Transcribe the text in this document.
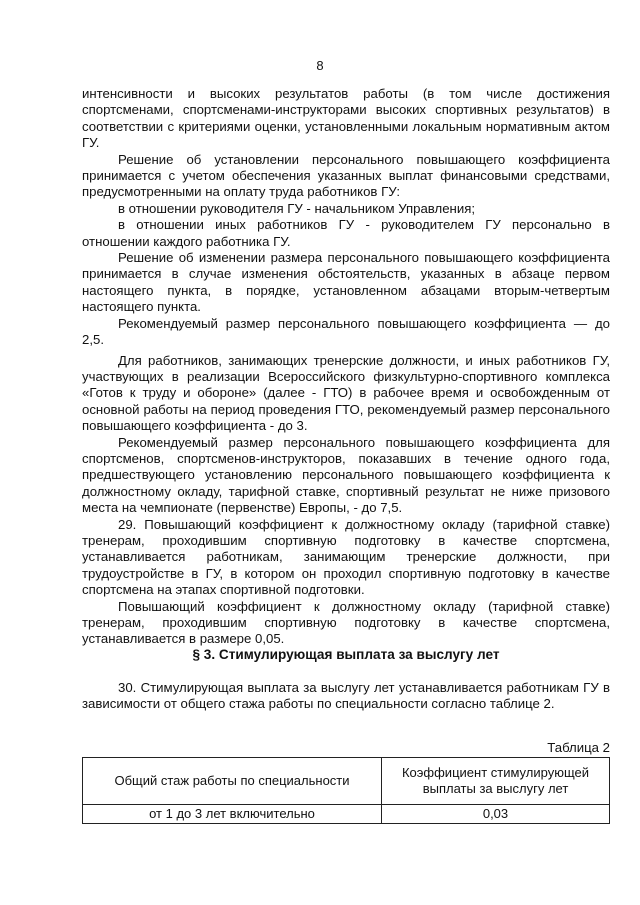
8

интенсивности и высоких результатов работы (в том числе достижения спортсменами, спортсменами-инструкторами высоких спортивных результатов) в соответствии с критериями оценки, установленными локальным нормативным актом ГУ.

Решение об установлении персонального повышающего коэффициента принимается с учетом обеспечения указанных выплат финансовыми средствами, предусмотренными на оплату труда работников ГУ:

в отношении руководителя ГУ - начальником Управления;

в отношении иных работников ГУ - руководителем ГУ персонально в отношении каждого работника ГУ.

Решение об изменении размера персонального повышающего коэффициента принимается в случае изменения обстоятельств, указанных в абзаце первом настоящего пункта, в порядке, установленном абзацами вторым-четвертым настоящего пункта.

Рекомендуемый размер персонального повышающего коэффициента — до 2,5.

Для работников, занимающих тренерские должности, и иных работников ГУ, участвующих в реализации Всероссийского физкультурно-спортивного комплекса «Готов к труду и обороне» (далее - ГТО) в рабочее время и освобожденным от основной работы на период проведения ГТО, рекомендуемый размер персонального повышающего коэффициента - до 3.

Рекомендуемый размер персонального повышающего коэффициента для спортсменов, спортсменов-инструкторов, показавших в течение одного года, предшествующего установлению персонального повышающего коэффициента к должностному окладу, тарифной ставке, спортивный результат не ниже призового места на чемпионате (первенстве) Европы, - до 7,5.

29. Повышающий коэффициент к должностному окладу (тарифной ставке) тренерам, проходившим спортивную подготовку в качестве спортсмена, устанавливается работникам, занимающим тренерские должности, при трудоустройстве в ГУ, в котором он проходил спортивную подготовку в качестве спортсмена на этапах спортивной подготовки.

Повышающий коэффициент к должностному окладу (тарифной ставке) тренерам, проходившим спортивную подготовку в качестве спортсмена, устанавливается в размере 0,05.

§ 3. Стимулирующая выплата за выслугу лет

30. Стимулирующая выплата за выслугу лет устанавливается работникам ГУ в зависимости от общего стажа работы по специальности согласно таблице 2.

Таблица 2
Общий стаж работы по специальности	Коэффициент стимулирующей выплаты за выслугу лет
от 1 до 3 лет включительно	0,03
